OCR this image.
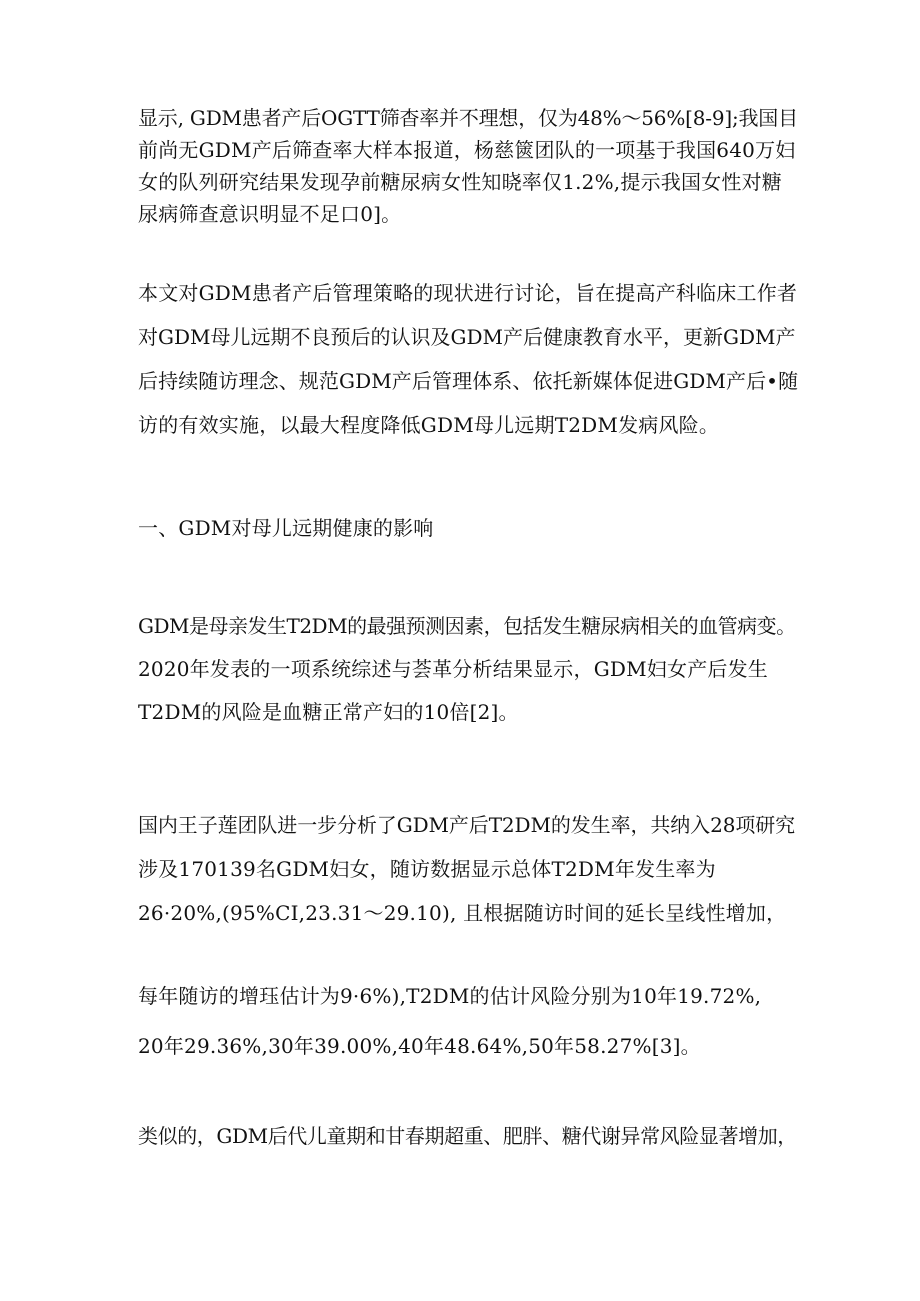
显示, GDM患者产后OGTT筛杳率并不理想，仅为48%～56%[8-9];我国目
前尚无GDM产后筛查率大样本报道，杨慈篋团队的一项基于我国640万妇
女的队列研究结果发现孕前糖尿病女性知晓率仅1.2%,提示我国女性对糖
尿病筛查意识明显不足口0]。

本文对GDM患者产后管理策略的现状进行讨论，旨在提高产科临床工作者
对GDM母儿远期不良预后的认识及GDM产后健康教育水平，更新GDM产
后持续随访理念、规范GDM产后管理体系、依托新媒体促进GDM产后•随
访的有效实施，以最大程度降低GDM母儿远期T2DM发病风险。

一、GDM对母儿远期健康的影响

GDM是母亲发生T2DM的最强预测因素，包括发生糖尿病相关的血管病变。
2020年发表的一项系统综述与荟革分析结果显示，GDM妇女产后发生
T2DM的风险是血糖正常产妇的10倍[2]。

国内王子莲团队进一步分析了GDM产后T2DM的发生率，共纳入28项研究
涉及170139名GDM妇女，随访数据显示总体T2DM年发生率为
26·20%,(95%CI,23.31～29.10), 且根据随访时间的延长呈线性增加，

每年随访的增珏估计为9·6%),T2DM的估计风险分别为10年19.72%,
20年29.36%,30年39.00%,40年48.64%,50年58.27%[3]。

类似的，GDM后代儿童期和甘春期超重、肥胖、糖代谢异常风险显著增加，
